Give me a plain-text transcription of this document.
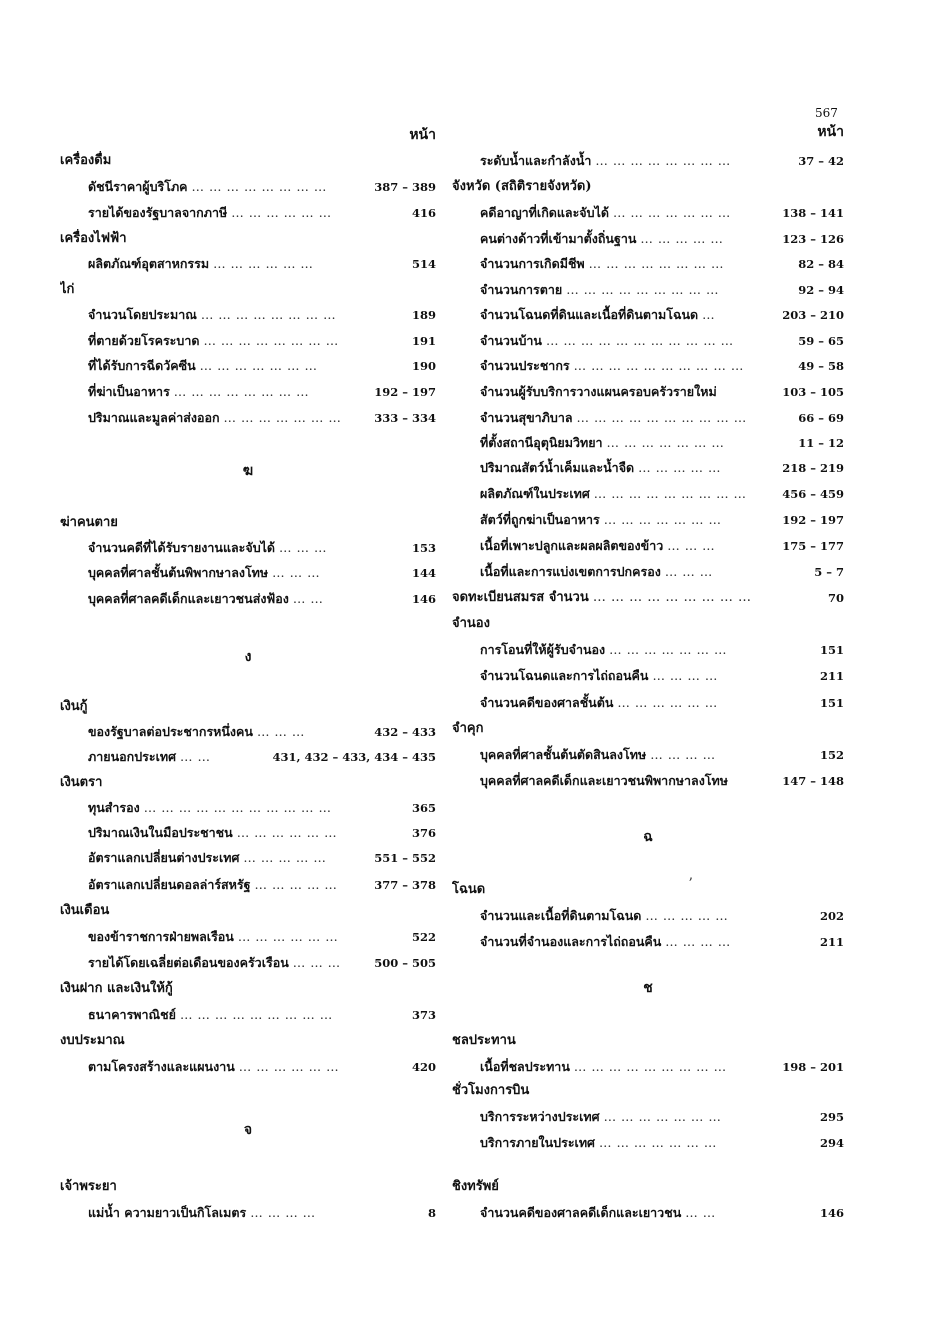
567
หน้า
เครื่องดื่ม
ดัชนีราคาผู้บริโภค … … … … … … … …	387 – 389
รายได้ของรัฐบาลจากภาษี … … … … … …	416
เครื่องไฟฟ้า
ผลิตภัณฑ์อุตสาหกรรม … … … … … …	514
ไก่
จำนวนโดยประมาณ … … … … … … … …	189
ที่ตายด้วยโรคระบาด … … … … … … … …	191
ที่ได้รับการฉีดวัคซีน … … … … … … …	190
ที่ฆ่าเป็นอาหาร … … … … … … … …	192 – 197
ปริมาณและมูลค่าส่งออก … … … … … … …	333 – 334
ฆ
ฆ่าคนตาย
จำนวนคดีที่ได้รับรายงานและจับได้ … … …	153
บุคคลที่ศาลชั้นต้นพิพากษาลงโทษ … … …	144
บุคคลที่ศาลคดีเด็กและเยาวชนส่งฟ้อง … …	146
ง
เงินกู้
ของรัฐบาลต่อประชากรหนึ่งคน … … …	432 – 433
ภายนอกประเทศ … …	431, 432 – 433, 434 – 435
เงินตรา
ทุนสำรอง … … … … … … … … … … …	365
ปริมาณเงินในมือประชาชน … … … … … …	376
อัตราแลกเปลี่ยนต่างประเทศ … … … … …	551 – 552
อัตราแลกเปลี่ยนดอลล่าร์สหรัฐ … … … … …	377 – 378
เงินเดือน
ของข้าราชการฝ่ายพลเรือน … … … … … …	522
รายได้โดยเฉลี่ยต่อเดือนของครัวเรือน … … …	500 – 505
เงินฝาก และเงินให้กู้
ธนาคารพาณิชย์ … … … … … … … … …	373
งบประมาณ
ตามโครงสร้างและแผนงาน … … … … … …	420
จ
เจ้าพระยา
แม่น้ำ ความยาวเป็นกิโลเมตร … … … …	8
หน้า
ระดับน้ำและกำลังน้ำ … … … … … … … …	37 – 42
จังหวัด (สถิติรายจังหวัด)
คดีอาญาที่เกิดและจับได้ … … … … … … …	138 – 141
คนต่างด้าวที่เข้ามาตั้งถิ่นฐาน … … … … …	123 – 126
จำนวนการเกิดมีชีพ … … … … … … … …	82 – 84
จำนวนการตาย … … … … … … … … …	92 – 94
จำนวนโฉนดที่ดินและเนื้อที่ดินตามโฉนด …	203 – 210
จำนวนบ้าน … … … … … … … … … … …	59 – 65
จำนวนประชากร … … … … … … … … … …	49 – 58
จำนวนผู้รับบริการวางแผนครอบครัวรายใหม่	103 – 105
จำนวนสุขาภิบาล … … … … … … … … … …	66 – 69
ที่ตั้งสถานีอุตุนิยมวิทยา … … … … … … …	11 – 12
ปริมาณสัตว์น้ำเค็มและน้ำจืด … … … … …	218 – 219
ผลิตภัณฑ์ในประเทศ … … … … … … … … …	456 – 459
สัตว์ที่ถูกฆ่าเป็นอาหาร … … … … … … …	192 – 197
เนื้อที่เพาะปลูกและผลผลิตของข้าว … … …	175 – 177
เนื้อที่และการแบ่งเขตการปกครอง … … …	5 – 7
จดทะเบียนสมรส จำนวน … … … … … … … … …	70
จำนอง
การโอนที่ให้ผู้รับจำนอง … … … … … … …	151
จำนวนโฉนดและการไถ่ถอนคืน … … … …	211
จำนวนคดีของศาลชั้นต้น … … … … … …	151
จำคุก
บุคคลที่ศาลชั้นต้นตัดสินลงโทษ … … … …	152
บุคคลที่ศาลคดีเด็กและเยาวชนพิพากษาลงโทษ	147 – 148
ฉ
โฉนด
จำนวนและเนื้อที่ดินตามโฉนด … … … … …	202
จำนวนที่จำนองและการไถ่ถอนคืน … … … …	211
ช
ชลประทาน
เนื้อที่ชลประทาน … … … … … … … … …	198 – 201
ชั่วโมงการบิน
บริการระหว่างประเทศ … … … … … … …	295
บริการภายในประเทศ … … … … … … …	294
ชิงทรัพย์
จำนวนคดีของศาลคดีเด็กและเยาวชน … …	146
ʼ
